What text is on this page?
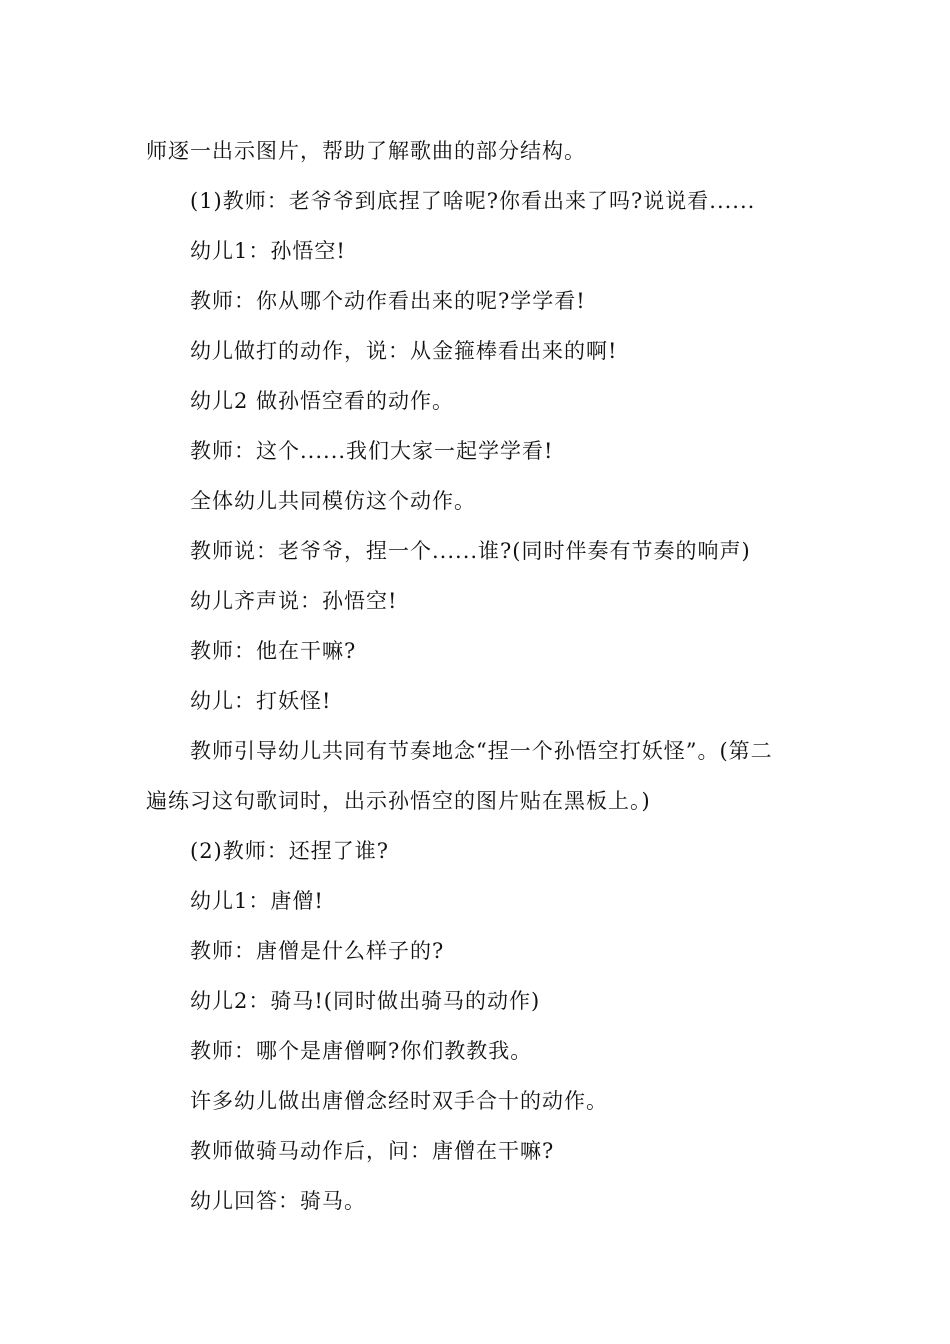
师逐一出示图片，帮助了解歌曲的部分结构。
(1)教师：老爷爷到底捏了啥呢?你看出来了吗?说说看......
幼儿1：孙悟空!
教师：你从哪个动作看出来的呢?学学看!
幼儿做打的动作，说：从金箍棒看出来的啊!
幼儿2 做孙悟空看的动作。
教师：这个......我们大家一起学学看!
全体幼儿共同模仿这个动作。
教师说：老爷爷，捏一个......谁?(同时伴奏有节奏的响声)
幼儿齐声说：孙悟空!
教师：他在干嘛?
幼儿：打妖怪!
教师引导幼儿共同有节奏地念“捏一个孙悟空打妖怪”。(第二
遍练习这句歌词时，出示孙悟空的图片贴在黑板上。)
(2)教师：还捏了谁?
幼儿1：唐僧!
教师：唐僧是什么样子的?
幼儿2：骑马!(同时做出骑马的动作)
教师：哪个是唐僧啊?你们教教我。
许多幼儿做出唐僧念经时双手合十的动作。
教师做骑马动作后，问：唐僧在干嘛?
幼儿回答：骑马。
